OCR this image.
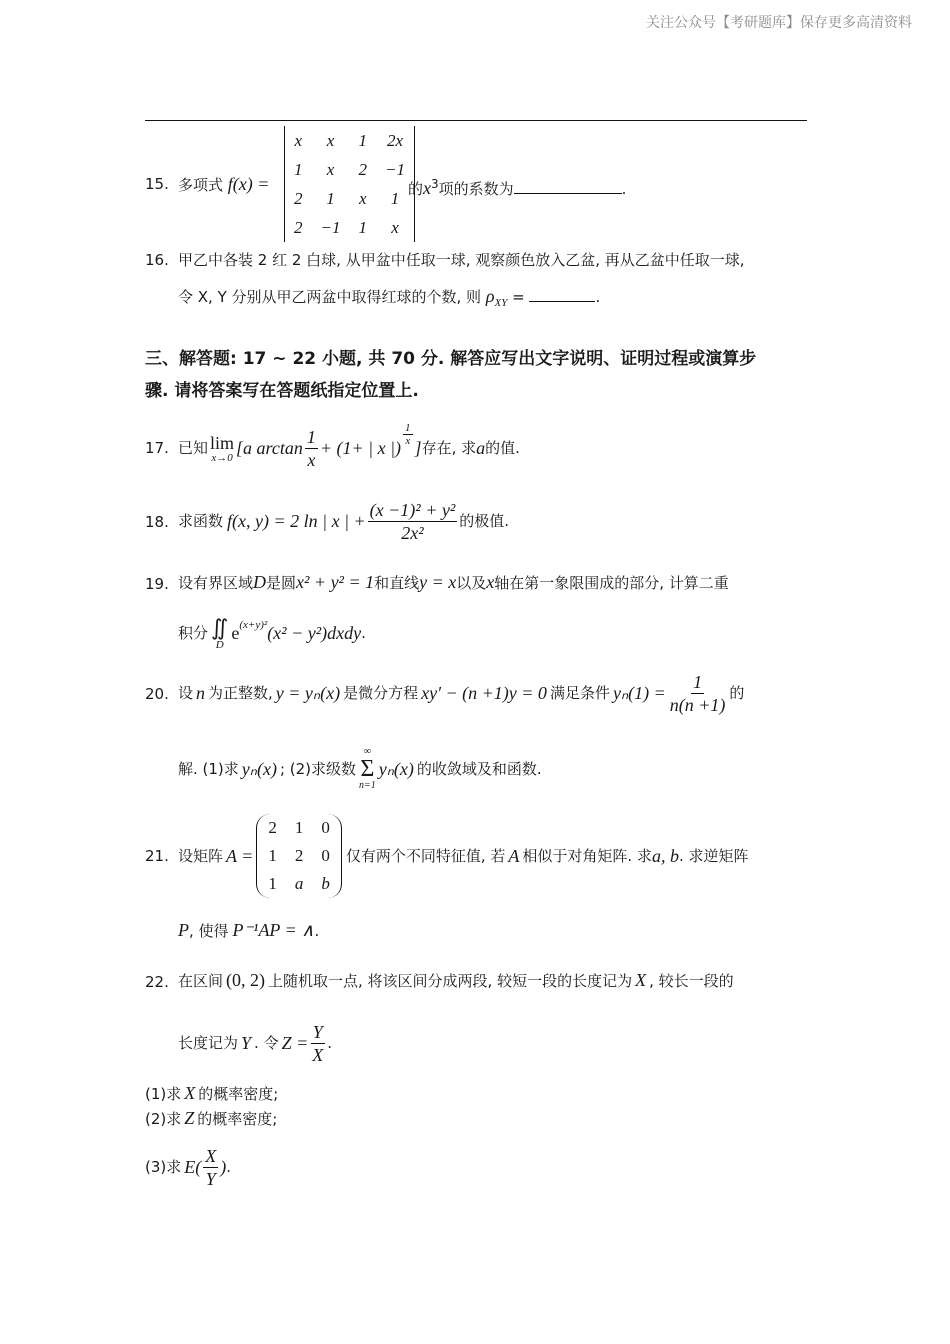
关注公众号【考研题库】保存更多高清资料
15. 多项式 f(x) =
x	x	1	2x
1	x	2	−1
2	1	x	1
2	−1	1	x
的$x^3$项的系数为	.
16. 甲乙中各装 2 红 2 白球, 从甲盆中任取一球, 观察颜色放入乙盆, 再从乙盆中任取一球,
令 X, Y 分别从甲乙两盆中取得红球的个数, 则 $\rho_{XY}$ =	.
三、解答题: 17 ~ 22 小题, 共 70 分. 解答应写出文字说明、证明过程或演算步
骤. 请将答案写在答题纸指定位置上.
17. 已知 lim
x→0 [a $\arctan \frac{1}{x} + (1+$ | x |)
$\frac{1}{x}$
] 存在, 求 a 的值.
18. 求函数 f(x, y) = 2 ln | x | + $\frac{\text{(x −1)² + y²}}{\text{2x²}}$ 的极值.
19. 设有界区域D是圆x² + y² = 1和直线y = x以及x轴在第一象限围成的部分, 计算二重
积分 ∬
D
e (x+y)² (x² − y²)dxdy .
20. 设 n 为正整数, y = yₙ(x) 是微分方程 xy′ − (n +1)y = 0 满足条件 $y_n(1) = \frac{1}{n(n +1)}$ 的
解. (1)求 yₙ(x) ; (2)求级数
∞
Σ
n=1
yₙ(x) 的收敛域及和函数.
21. 设矩阵 A =
2	1	0
1	2	0
1	a	b
仅有两个不同特征值, 若 A 相似于对角矩阵. 求 a, b . 求逆矩阵
P, 使得 P⁻¹AP = ∧.
22. 在区间 (0, 2) 上随机取一点, 将该区间分成两段, 较短一段的长度记为 X , 较长一段的
长度记为 Y . 令 $Z = \frac{Y}{X}$ .
(1)求 X 的概率密度;
(2)求 Z 的概率密度;
(3)求 $E( \frac{X}{Y}$ ) .
